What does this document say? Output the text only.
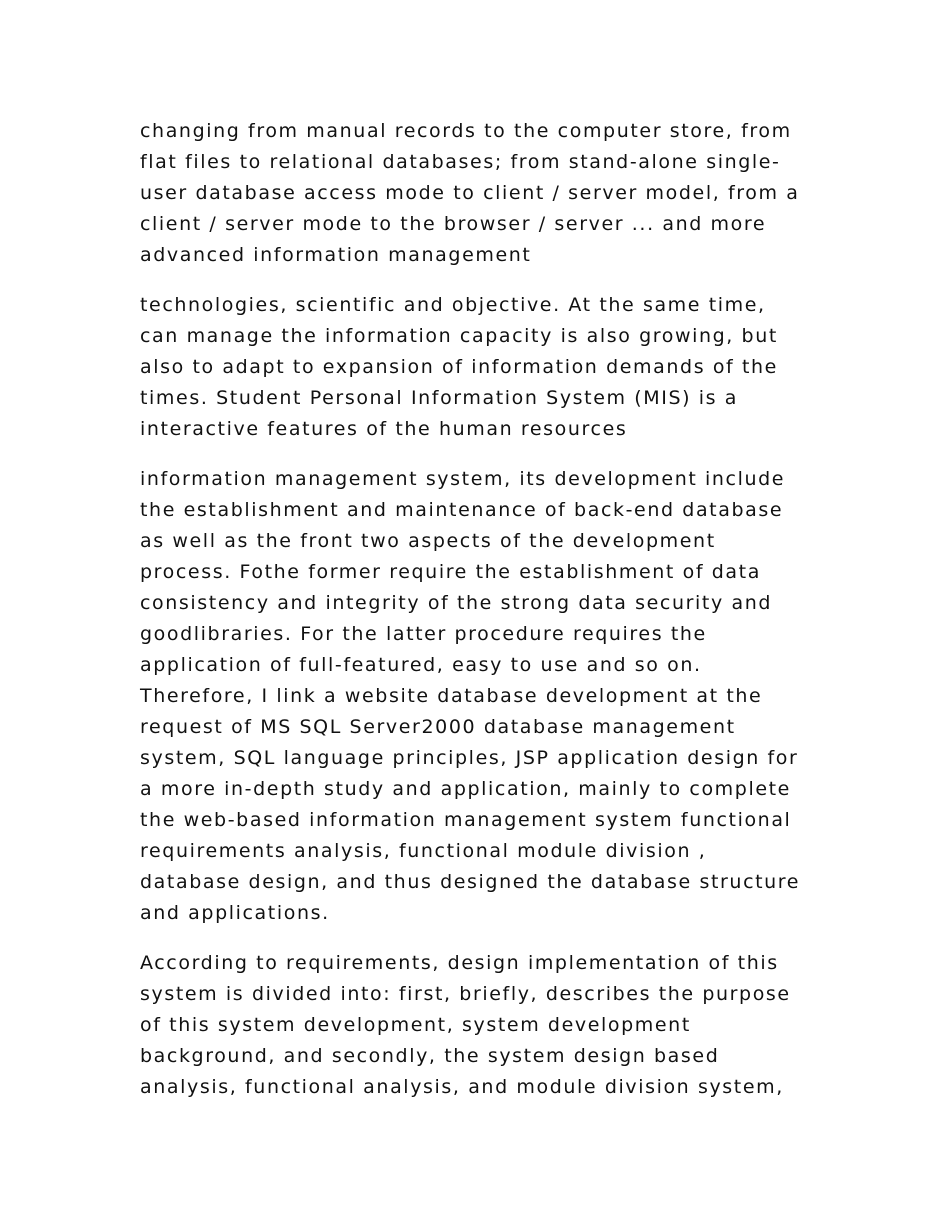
changing from manual records to the computer store, from
flat files to relational databases; from stand-alone single-
user database access mode to client / server model, from a
client / server mode to the browser / server ... and more
advanced information management

technologies, scientific and objective. At the same time,
can manage the information capacity is also growing, but
also to adapt to expansion of information demands of the
times. Student Personal Information System (MIS) is a
interactive features of the human resources

information management system, its development include
the establishment and maintenance of back-end database
as well as the front two aspects of the development
process. Fothe former require the establishment of data
consistency and integrity of the strong data security and
goodlibraries. For the latter procedure requires the
application of full-featured, easy to use and so on.
Therefore, I link a website database development at the
request of MS SQL Server2000 database management
system, SQL language principles, JSP application design for
a more in-depth study and application, mainly to complete
the web-based information management system functional
requirements analysis, functional module division ,
database design, and thus designed the database structure
and applications.

According to requirements, design implementation of this
system is divided into: first, briefly, describes the purpose
of this system development, system development
background, and secondly, the system design based
analysis, functional analysis, and module division system,
